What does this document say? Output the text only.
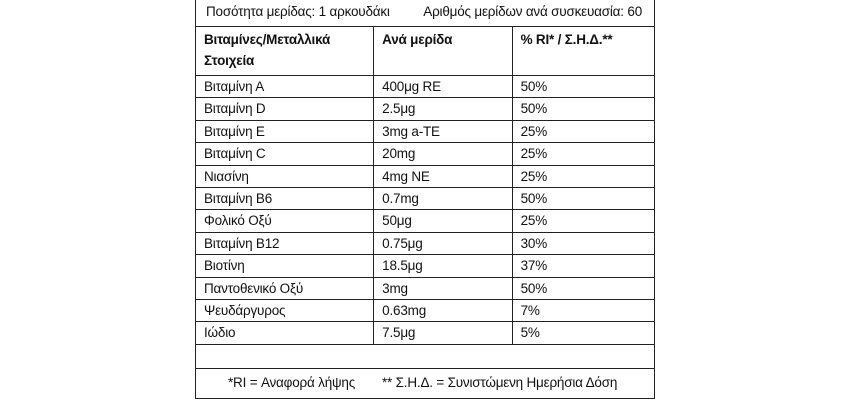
Ποσότητα μερίδας: 1 αρκουδάκι Αριθμός μερίδων ανά συσκευασία: 60
Βιταμίνες/Μεταλλικά Στοιχεία	Ανά μερίδα	% RI* / Σ.Η.Δ.**
Βιταμίνη Α	400μg RE	50%
Βιταμίνη D	2.5μg	50%
Βιταμίνη Ε	3mg a-TE	25%
Βιταμίνη C	20mg	25%
Νιασίνη	4mg NE	25%
Βιταμίνη Β6	0.7mg	50%
Φολικό Οξύ	50μg	25%
Βιταμίνη Β12	0.75μg	30%
Βιοτίνη	18.5μg	37%
Παντοθενικό Οξύ	3mg	50%
Ψευδάργυρος	0.63mg	7%
Ιώδιο	7.5μg	5%
*RI = Αναφορά λήψης ** Σ.Η.Δ. = Συνιστώμενη Ημερήσια Δόση
